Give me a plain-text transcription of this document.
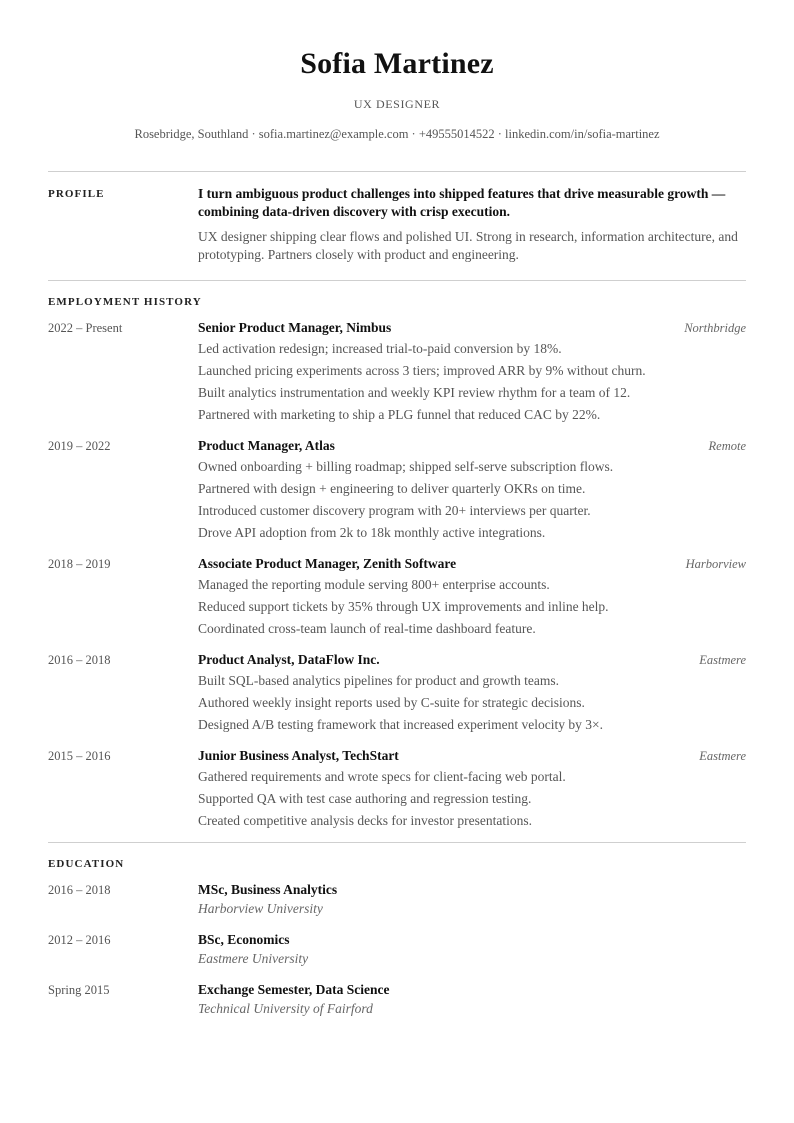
Sofia Martinez
UX DESIGNER
Rosebridge, Southland · sofia.martinez@example.com · +49555014522 · linkedin.com/in/sofia-martinez
PROFILE	I turn ambiguous product challenges into shipped features that drive measurable growth — combining data-driven discovery with crisp execution.
UX designer shipping clear flows and polished UI. Strong in research, information architecture, and prototyping. Partners closely with product and engineering.
EMPLOYMENT HISTORY
2022 – Present	Senior Product Manager, Nimbus	Northbridge
Led activation redesign; increased trial-to-paid conversion by 18%.
Launched pricing experiments across 3 tiers; improved ARR by 9% without churn.
Built analytics instrumentation and weekly KPI review rhythm for a team of 12.
Partnered with marketing to ship a PLG funnel that reduced CAC by 22%.
2019 – 2022	Product Manager, Atlas	Remote
Owned onboarding + billing roadmap; shipped self-serve subscription flows.
Partnered with design + engineering to deliver quarterly OKRs on time.
Introduced customer discovery program with 20+ interviews per quarter.
Drove API adoption from 2k to 18k monthly active integrations.
2018 – 2019	Associate Product Manager, Zenith Software	Harborview
Managed the reporting module serving 800+ enterprise accounts.
Reduced support tickets by 35% through UX improvements and inline help.
Coordinated cross-team launch of real-time dashboard feature.
2016 – 2018	Product Analyst, DataFlow Inc.	Eastmere
Built SQL-based analytics pipelines for product and growth teams.
Authored weekly insight reports used by C-suite for strategic decisions.
Designed A/B testing framework that increased experiment velocity by 3×.
2015 – 2016	Junior Business Analyst, TechStart	Eastmere
Gathered requirements and wrote specs for client-facing web portal.
Supported QA with test case authoring and regression testing.
Created competitive analysis decks for investor presentations.
EDUCATION
2016 – 2018	MSc, Business Analytics
Harborview University
2012 – 2016	BSc, Economics
Eastmere University
Spring 2015	Exchange Semester, Data Science
Technical University of Fairford
